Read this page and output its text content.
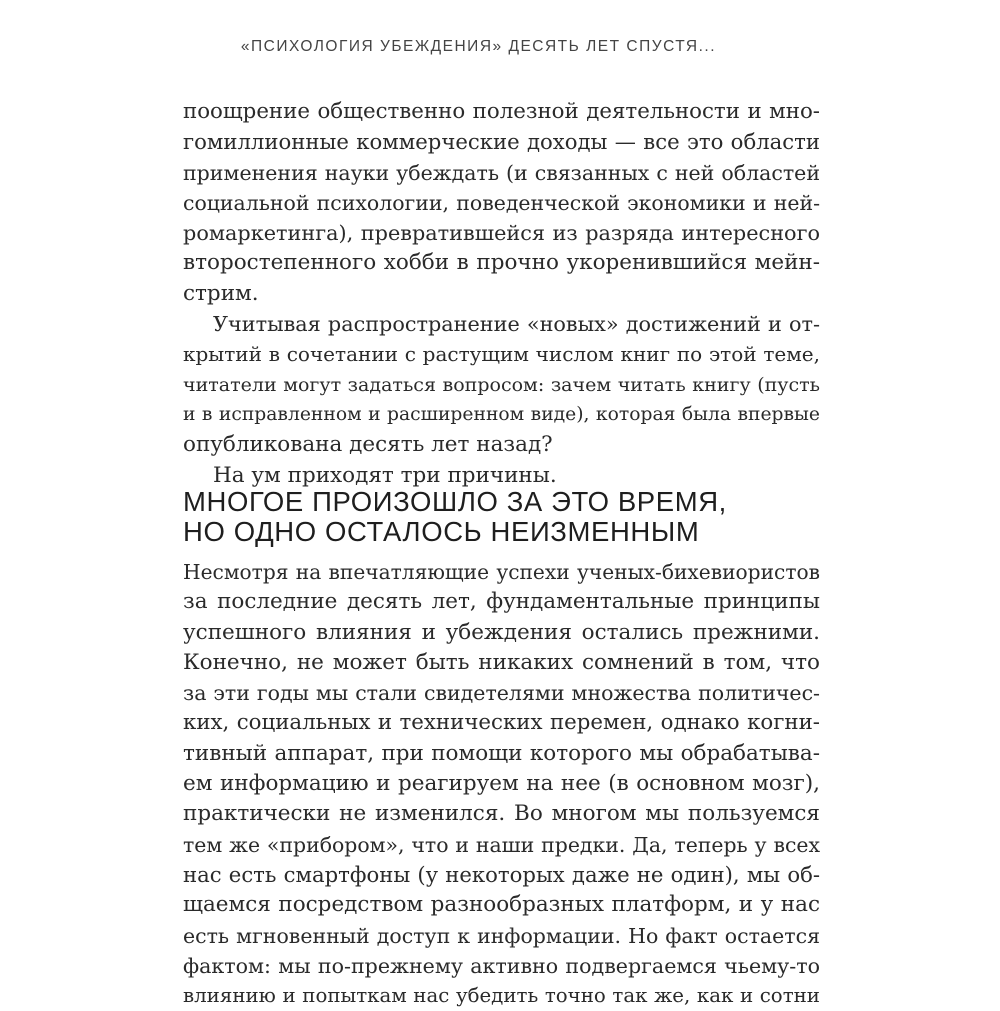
«ПСИХОЛОГИЯ УБЕЖДЕНИЯ» ДЕСЯТЬ ЛЕТ СПУСТЯ...
поощрение общественно полезной деятельности и мно-
гомиллионные коммерческие доходы — все это области
применения науки убеждать (и связанных с ней областей
социальной психологии, поведенческой экономики и ней-
ромаркетинга), превратившейся из разряда интересного
второстепенного хобби в прочно укоренившийся мейн-
стрим.
Учитывая распространение «новых» достижений и от-
крытий в сочетании с растущим числом книг по этой теме,
читатели могут задаться вопросом: зачем читать книгу (пусть
и в исправленном и расширенном виде), которая была впервые
опубликована десять лет назад?
На ум приходят три причины.
МНОГОЕ ПРОИЗОШЛО ЗА ЭТО ВРЕМЯ,
НО ОДНО ОСТАЛОСЬ НЕИЗМЕННЫМ
Несмотря на впечатляющие успехи ученых-бихевиористов
за последние десять лет, фундаментальные принципы
успешного влияния и убеждения остались прежними.
Конечно, не может быть никаких сомнений в том, что
за эти годы мы стали свидетелями множества политичес-
ких, социальных и технических перемен, однако когни-
тивный аппарат, при помощи которого мы обрабатыва-
ем информацию и реагируем на нее (в основном мозг),
практически не изменился. Во многом мы пользуемся
тем же «прибором», что и наши предки. Да, теперь у всех
нас есть смартфоны (у некоторых даже не один), мы об-
щаемся посредством разнообразных платформ, и у нас
есть мгновенный доступ к информации. Но факт остается
фактом: мы по-прежнему активно подвергаемся чьему-то
влиянию и попыткам нас убедить точно так же, как и сотни
